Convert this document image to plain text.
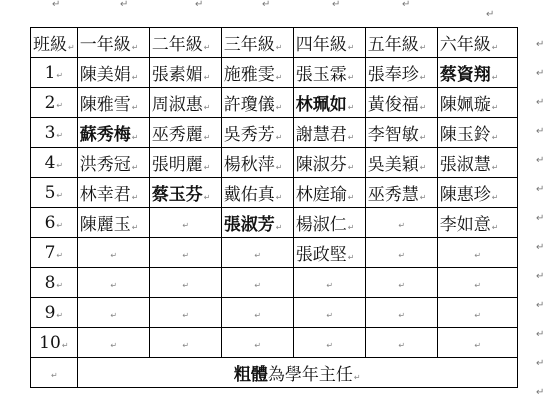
↵	↵	↵	↵	↵	↵
↵
↵
↵
↵
↵
↵
↵
↵
↵
↵
↵
↵
↵
↵
班級↵	一年級↵	二年級↵	三年級↵	四年級↵	五年級↵	六年級↵
1↵	陳美娟↵	張素媚↵	施雅雯↵	張玉霖↵	張奉珍↵	蔡資翔↵
2↵	陳雅雪↵	周淑惠↵	許瓊儀↵	林珮如↵	黃俊福↵	陳姵璇↵
3↵	蘇秀梅↵	巫秀麗↵	吳秀芳↵	謝慧君↵	李智敏↵	陳玉鈴↵
4↵	洪秀冠↵	張明麗↵	楊秋萍↵	陳淑芬↵	吳美穎↵	張淑慧↵
5↵	林幸君↵	蔡玉芬↵	戴佑真↵	林庭瑜↵	巫秀慧↵	陳惠珍↵
6↵	陳麗玉↵	↵	張淑芳↵	楊淑仁↵	↵	李如意↵
7↵	↵	↵	↵	張政堅↵	↵	↵
8↵	↵	↵	↵	↵	↵	↵
9↵	↵	↵	↵	↵	↵	↵
10↵	↵	↵	↵	↵	↵	↵
↵	粗體為學年主任↵					
